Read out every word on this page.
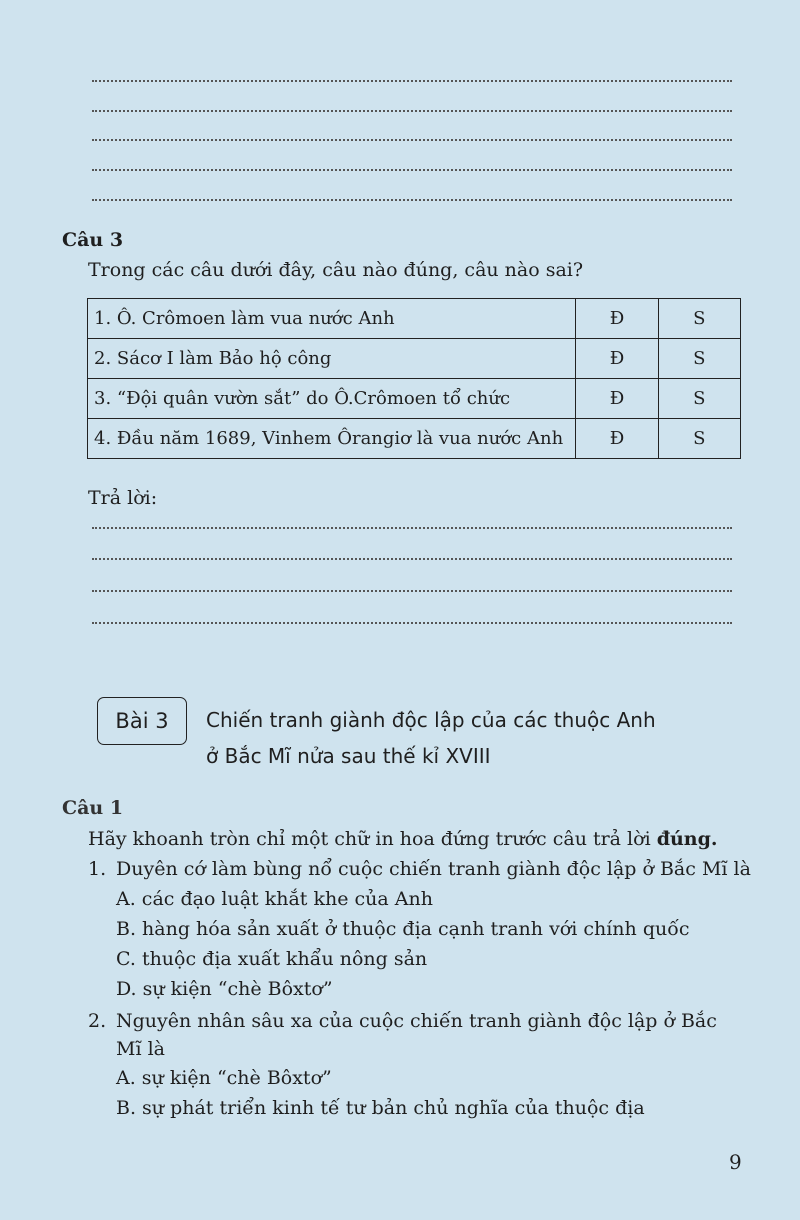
Câu 3
Trong các câu dưới đây, câu nào đúng, câu nào sai?
1. Ô. Crômoen làm vua nước Anh	Đ	S
2. Sácơ I làm Bảo hộ công	Đ	S
3. “Đội quân vườn sắt” do Ô.Crômoen tổ chức	Đ	S
4. Đầu năm 1689, Vinhem Ôrangiơ là vua nước Anh	Đ	S
Trả lời:
Bài 3 Chiến tranh giành độc lập của các thuộc Anh
ở Bắc Mĩ nửa sau thế kỉ XVIII
Câu 1
Hãy khoanh tròn chỉ một chữ in hoa đứng trước câu trả lời đúng.
1. Duyên cớ làm bùng nổ cuộc chiến tranh giành độc lập ở Bắc Mĩ là
A. các đạo luật khắt khe của Anh
B. hàng hóa sản xuất ở thuộc địa cạnh tranh với chính quốc
C. thuộc địa xuất khẩu nông sản
D. sự kiện “chè Bôxtơ”
2. Nguyên nhân sâu xa của cuộc chiến tranh giành độc lập ở Bắc
Mĩ là
A. sự kiện “chè Bôxtơ”
B. sự phát triển kinh tế tư bản chủ nghĩa của thuộc địa
9
